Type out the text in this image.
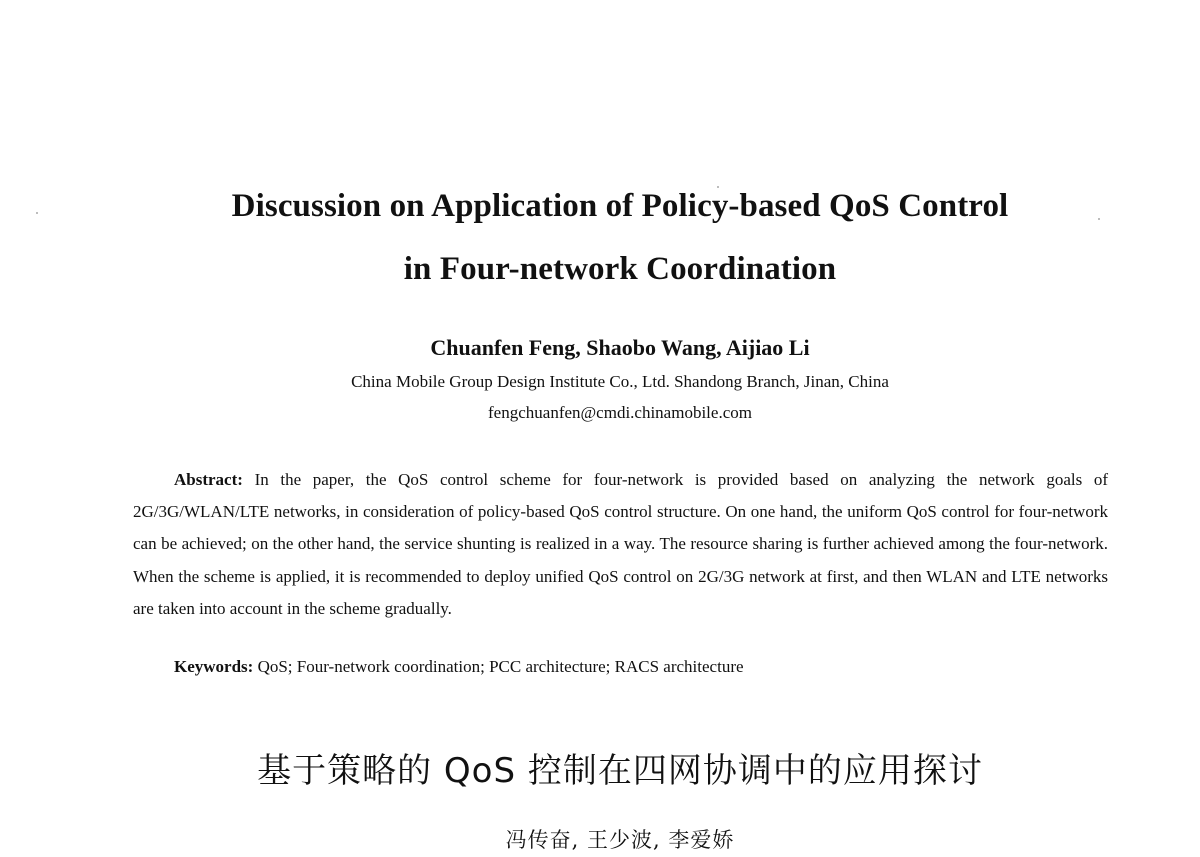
Discussion on Application of Policy-based QoS Control
in Four-network Coordination
Chuanfen Feng, Shaobo Wang, Aijiao Li
China Mobile Group Design Institute Co., Ltd. Shandong Branch, Jinan, China
fengchuanfen@cmdi.chinamobile.com

Abstract: In the paper, the QoS control scheme for four-network is provided based on analyzing the network goals of 2G/3G/WLAN/LTE networks, in consideration of policy-based QoS control structure. On one hand, the uniform QoS control for four-network can be achieved; on the other hand, the service shunting is realized in a way. The resource sharing is further achieved among the four-network. When the scheme is applied, it is recommended to deploy unified QoS control on 2G/3G network at first, and then WLAN and LTE networks are taken into account in the scheme gradually.

Keywords: QoS; Four-network coordination; PCC architecture; RACS architecture
基于策略的 QoS 控制在四网协调中的应用探讨
冯传奋, 王少波, 李爱娇
